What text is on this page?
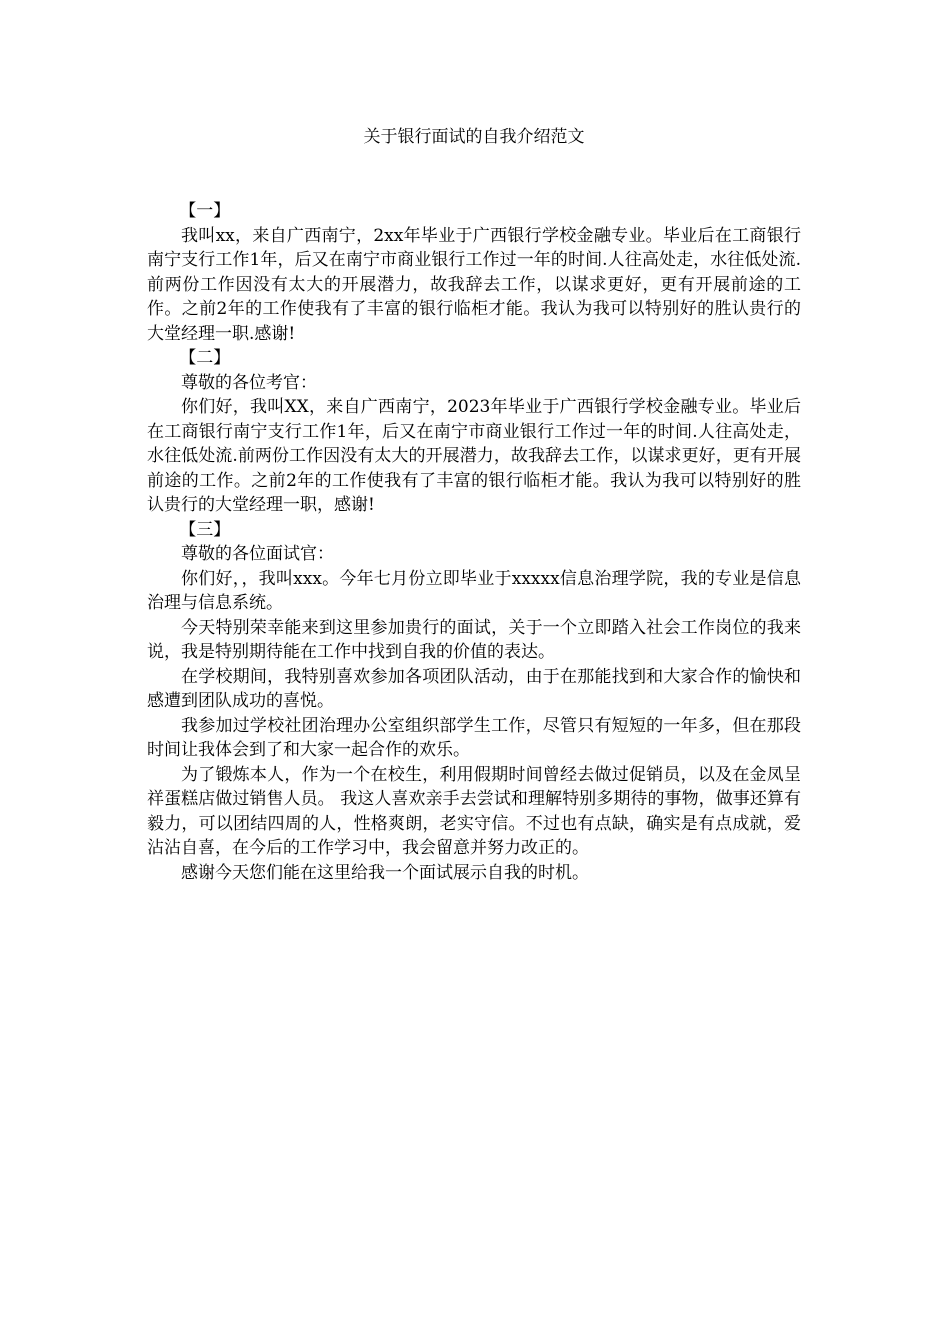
关于银行面试的自我介绍范文

【一】

我叫xx，来自广西南宁，2xx年毕业于广西银行学校金融专业。毕业后在工商银行南宁支行工作1年，后又在南宁市商业银行工作过一年的时间.人往高处走，水往低处流.前两份工作因没有太大的开展潜力，故我辞去工作，以谋求更好，更有开展前途的工作。之前2年的工作使我有了丰富的银行临柜才能。我认为我可以特别好的胜认贵行的大堂经理一职.感谢!

【二】

尊敬的各位考官：

你们好，我叫XX，来自广西南宁，2023年毕业于广西银行学校金融专业。毕业后在工商银行南宁支行工作1年，后又在南宁市商业银行工作过一年的时间.人往高处走，水往低处流.前两份工作因没有太大的开展潜力，故我辞去工作，以谋求更好，更有开展前途的工作。之前2年的工作使我有了丰富的银行临柜才能。我认为我可以特别好的胜认贵行的大堂经理一职，感谢!

【三】

尊敬的各位面试官：

你们好，，我叫xxx。今年七月份立即毕业于xxxxx信息治理学院，我的专业是信息治理与信息系统。

今天特别荣幸能来到这里参加贵行的面试，关于一个立即踏入社会工作岗位的我来说，我是特别期待能在工作中找到自我的价值的表达。

在学校期间，我特别喜欢参加各项团队活动，由于在那能找到和大家合作的愉快和感遭到团队成功的喜悦。

我参加过学校社团治理办公室组织部学生工作，尽管只有短短的一年多，但在那段时间让我体会到了和大家一起合作的欢乐。

为了锻炼本人，作为一个在校生，利用假期时间曾经去做过促销员，以及在金凤呈祥蛋糕店做过销售人员。 我这人喜欢亲手去尝试和理解特别多期待的事物，做事还算有毅力，可以团结四周的人，性格爽朗，老实守信。不过也有点缺，确实是有点成就，爱沾沾自喜，在今后的工作学习中，我会留意并努力改正的。

感谢今天您们能在这里给我一个面试展示自我的时机。
